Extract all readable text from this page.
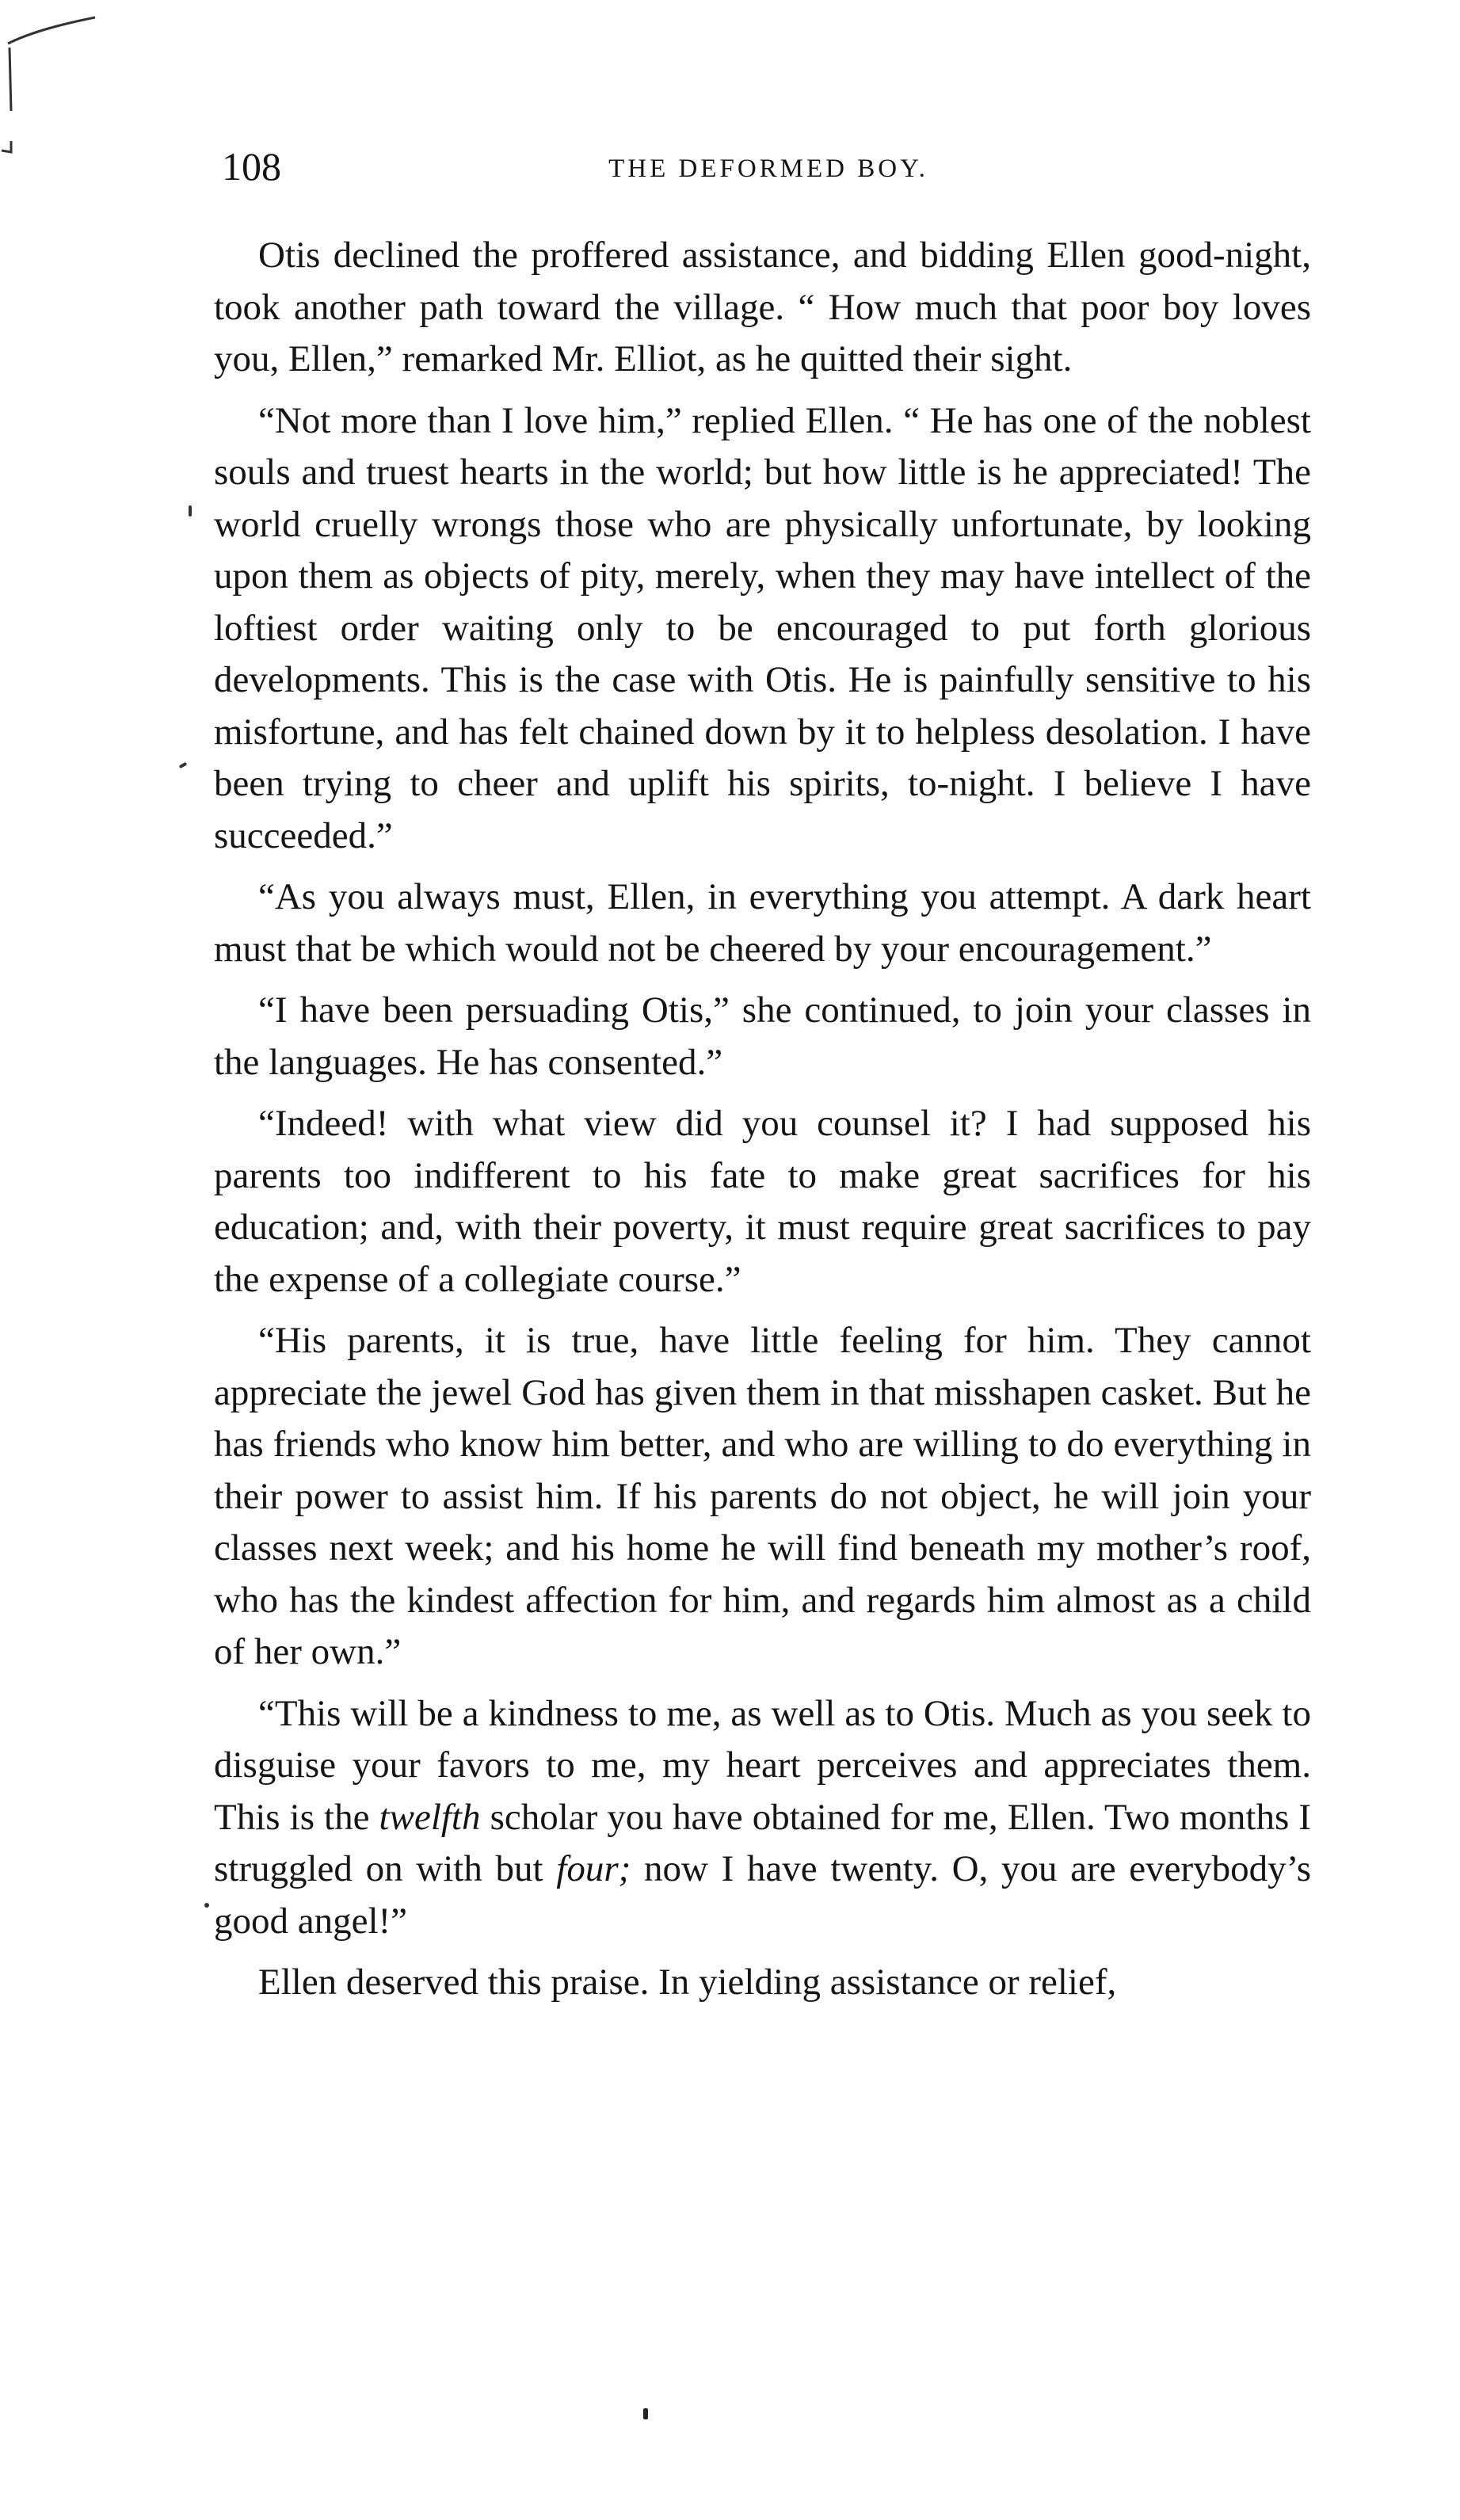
108	THE DEFORMED BOY.

Otis declined the proffered assistance, and bidding Ellen good-night, took another path toward the village. “ How much that poor boy loves you, Ellen,” remarked Mr. Elliot, as he quitted their sight.

“Not more than I love him,” replied Ellen. “ He has one of the noblest souls and truest hearts in the world; but how little is he appreciated! The world cruelly wrongs those who are physically unfortunate, by looking upon them as objects of pity, merely, when they may have intellect of the loftiest order waiting only to be encouraged to put forth glorious developments. This is the case with Otis. He is painfully sensitive to his misfortune, and has felt chained down by it to helpless desolation. I have been trying to cheer and uplift his spirits, to-night. I believe I have succeeded.”

“As you always must, Ellen, in everything you attempt. A dark heart must that be which would not be cheered by your encouragement.”

“I have been persuading Otis,” she continued, to join your classes in the languages. He has consented.”

“Indeed! with what view did you counsel it? I had supposed his parents too indifferent to his fate to make great sacrifices for his education; and, with their poverty, it must require great sacrifices to pay the expense of a collegiate course.”

“His parents, it is true, have little feeling for him. They cannot appreciate the jewel God has given them in that misshapen casket. But he has friends who know him better, and who are willing to do everything in their power to assist him. If his parents do not object, he will join your classes next week; and his home he will find beneath my mother’s roof, who has the kindest affection for him, and regards him almost as a child of her own.”

“This will be a kindness to me, as well as to Otis. Much as you seek to disguise your favors to me, my heart perceives and appreciates them. This is the twelfth scholar you have obtained for me, Ellen. Two months I struggled on with but four; now I have twenty. O, you are everybody’s good angel!”

Ellen deserved this praise. In yielding assistance or relief,
